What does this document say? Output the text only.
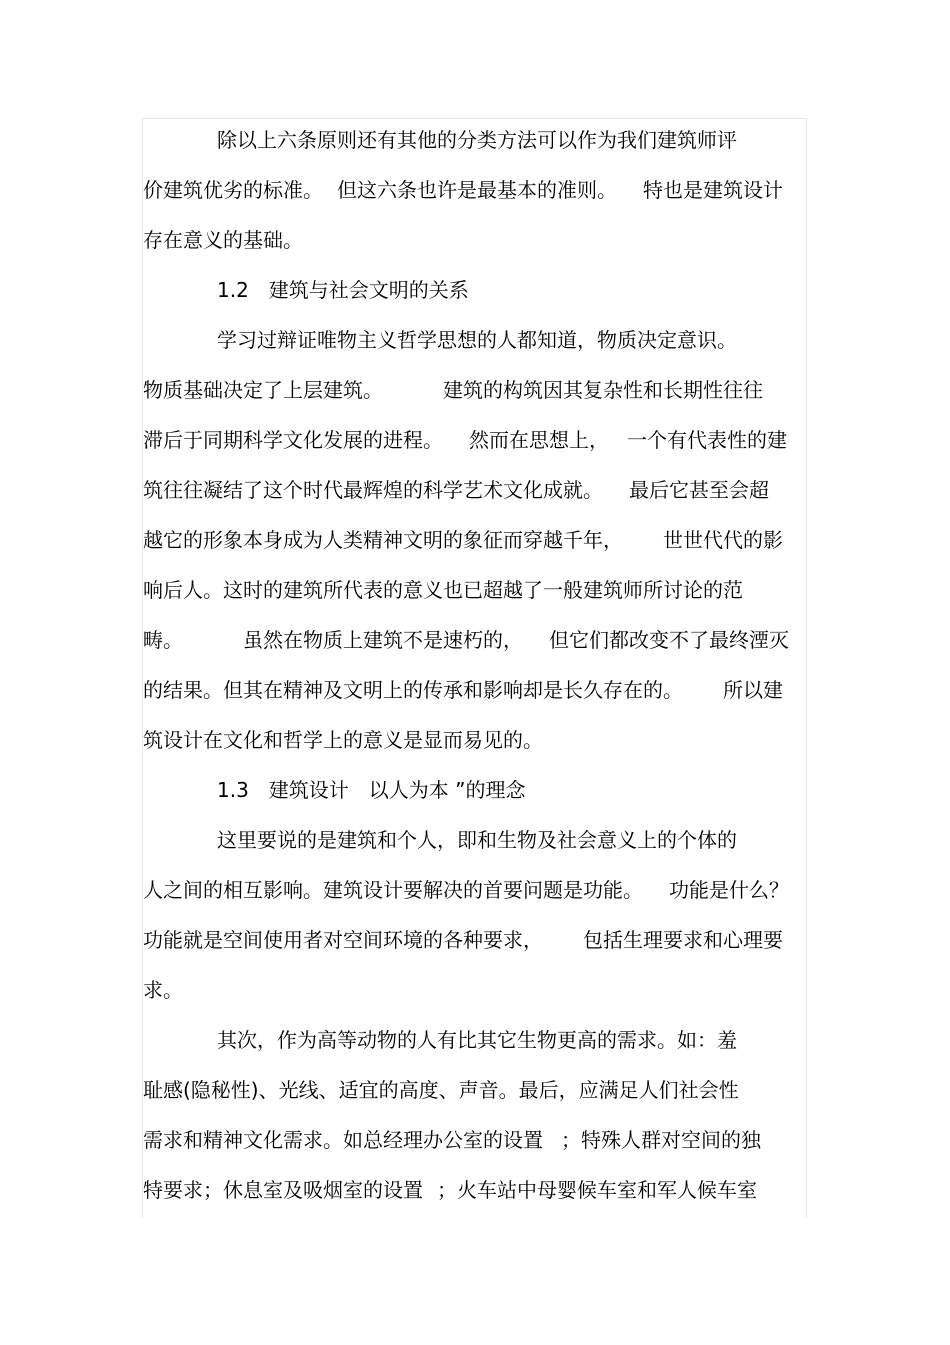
除以上六条原则还有其他的分类方法可以作为我们建筑师评
价建筑优劣的标准。 但这六条也许是最基本的准则。 特也是建筑设计
存在意义的基础。
1.2　建筑与社会文明的关系
学习过辩证唯物主义哲学思想的人都知道，物质决定意识。
物质基础决定了上层建筑。	建筑的构筑因其复杂性和长期性往往
滞后于同期科学文化发展的进程。 然而在思想上， 一个有代表性的建
筑往往凝结了这个时代最辉煌的科学艺术文化成就。 最后它甚至会超
越它的形象本身成为人类精神文明的象征而穿越千年， 世世代代的影
响后人。这时的建筑所代表的意义也已超越了一般建筑师所讨论的范
畴。	虽然在物质上建筑不是速朽的， 但它们都改变不了最终湮灭
的结果。但其在精神及文明上的传承和影响却是长久存在的。 所以建
筑设计在文化和哲学上的意义是显而易见的。
1.3　建筑设计　以人为本 ”的理念
这里要说的是建筑和个人，即和生物及社会意义上的个体的
人之间的相互影响。建筑设计要解决的首要问题是功能。 功能是什么？
功能就是空间使用者对空间环境的各种要求， 包括生理要求和心理要
求。
其次，作为高等动物的人有比其它生物更高的需求。如：羞
耻感(隐秘性)、光线、适宜的高度、声音。最后，应满足人们社会性
需求和精神文化需求。如总经理办公室的设置 ；特殊人群对空间的独
特要求；休息室及吸烟室的设置 ；火车站中母婴候车室和军人候车室
